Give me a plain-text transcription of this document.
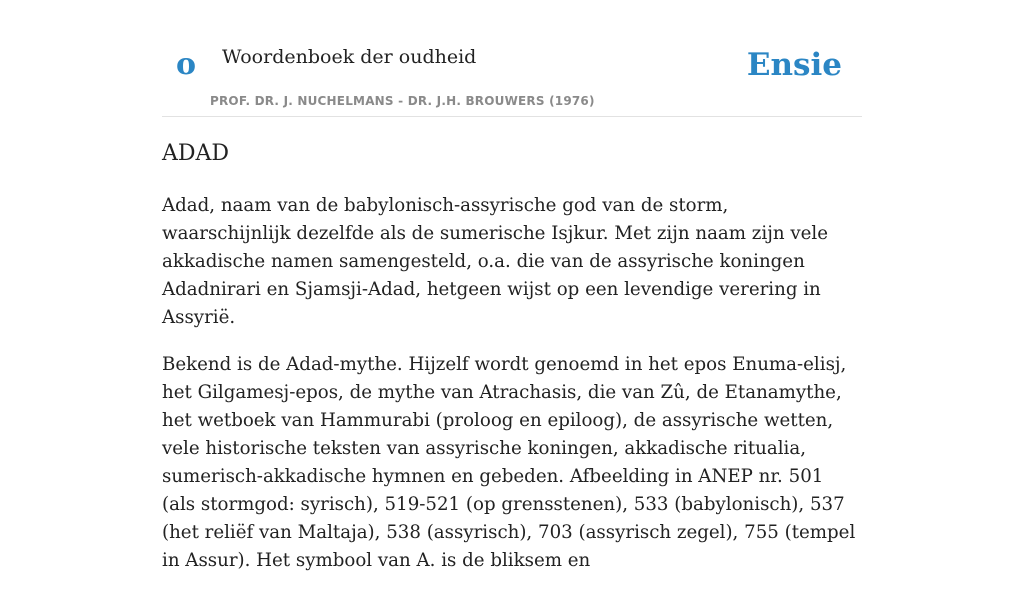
o Woordenboek der oudheid
PROF. DR. J. NUCHELMANS - DR. J.H. BROUWERS (1976)
Ensie
ADAD

Adad, naam van de babylonisch-assyrische god van de storm, waarschijnlijk dezelfde als de sumerische Isjkur. Met zijn naam zijn vele akkadische namen samengesteld, o.a. die van de assyrische koningen Adadnirari en Sjamsji-Adad, hetgeen wijst op een levendige verering in Assyrië.

Bekend is de Adad-mythe. Hijzelf wordt genoemd in het epos Enuma-elisj, het Gilgamesj-epos, de mythe van Atrachasis, die van Zû, de Etanamythe, het wetboek van Hammurabi (proloog en epiloog), de assyrische wetten, vele historische teksten van assyrische koningen, akkadische ritualia, sumerisch-akkadische hymnen en gebeden. Afbeelding in ANEP nr. 501 (als stormgod: syrisch), 519-521 (op grensstenen), 533 (babylonisch), 537 (het reliëf van Maltaja), 538 (assyrisch), 703 (assyrisch zegel), 755 (tempel in Assur). Het symbool van A. is de bliksem en
